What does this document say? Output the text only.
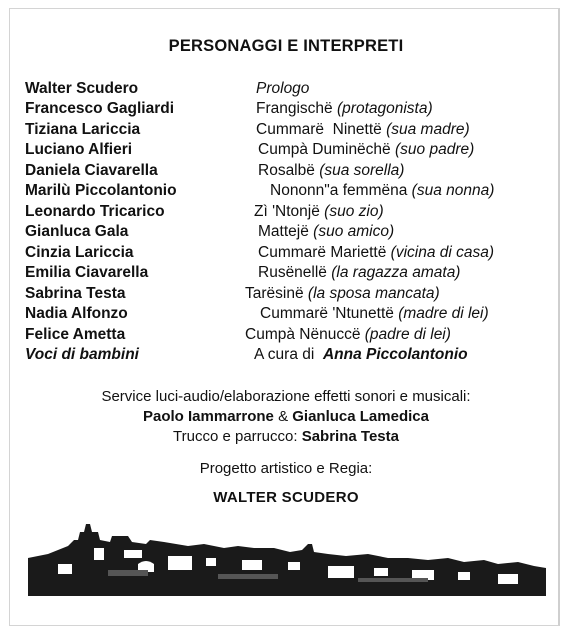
PERSONAGGI E INTERPRETI
Walter Scudero	Prologo
Francesco Gagliardi	Frangischë (protagonista)
Tiziana Lariccia	Cummarë  Ninettë (sua madre)
Luciano Alfieri	Cumpà Duminëchë (suo padre)
Daniela Ciavarella	Rosalbë (sua sorella)
Marilù Piccolantonio	Nononn"a femmëna (sua nonna)
Leonardo Tricarico	Zì 'Ntonjë (suo zio)
Gianluca Gala	Mattejë (suo amico)
Cinzia Lariccia	Cummarë Mariettë (vicina di casa)
Emilia Ciavarella	Rusënellë (la ragazza amata)
Sabrina Testa	Tarësinë (la sposa mancata)
Nadia Alfonzo	Cummarë 'Ntunettë (madre di lei)
Felice Ametta	Cumpà Nënuccë (padre di lei)
Voci di bambini	A cura di Anna Piccolantonio
Service luci-audio/elaborazione effetti sonori e musicali:
Paolo Iammarrone & Gianluca Lamedica
Trucco e parrucco: Sabrina Testa
Progetto artistico e Regia:
WALTER SCUDERO
